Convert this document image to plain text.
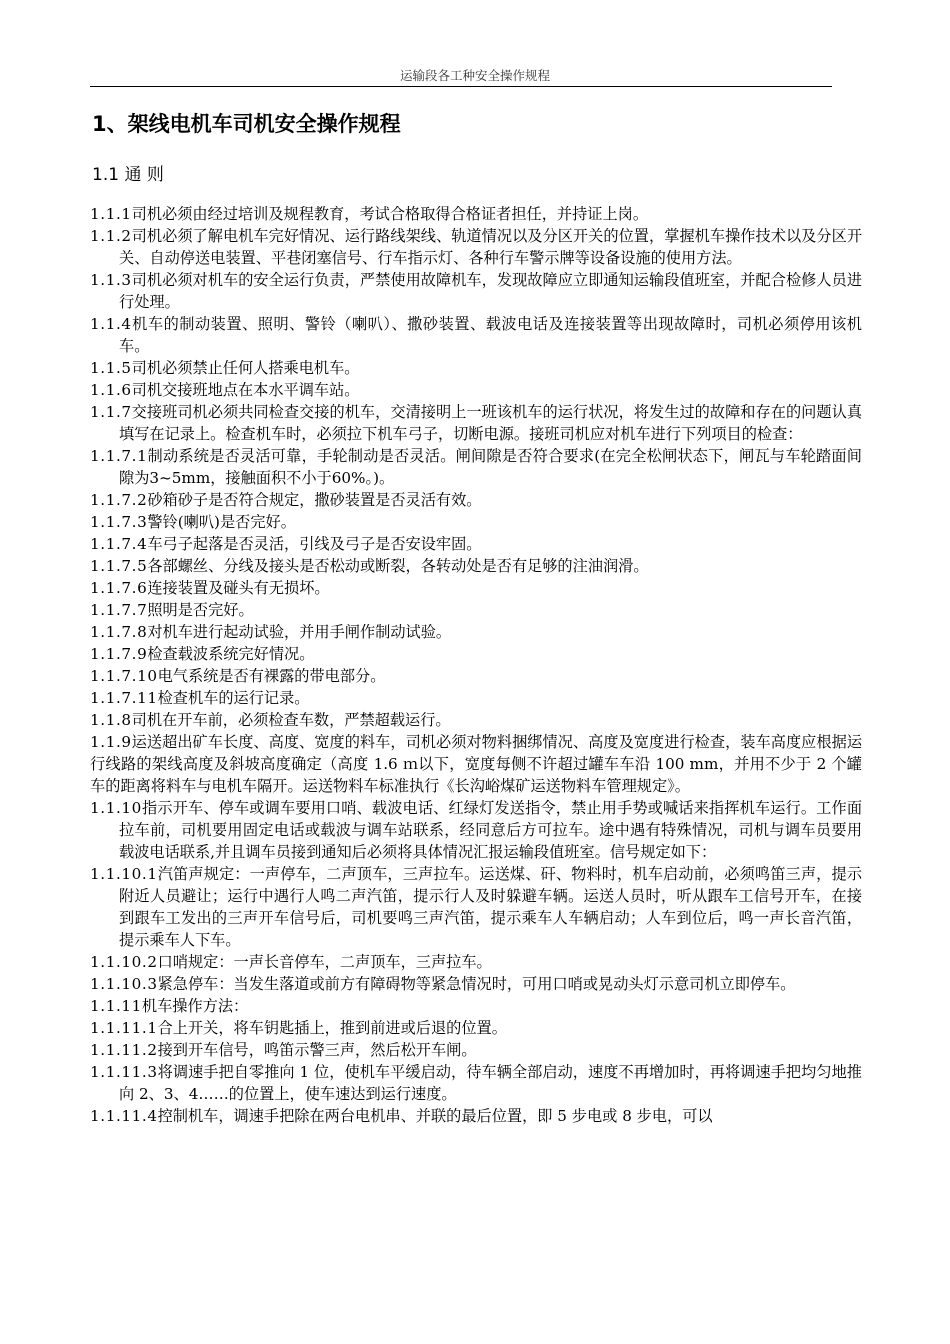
运输段各工种安全操作规程
1、架线电机车司机安全操作规程
1.1 通 则

1.1.1司机必须由经过培训及规程教育，考试合格取得合格证者担任，并持证上岗。

1.1.2司机必须了解电机车完好情况、运行路线架线、轨道情况以及分区开关的位置，掌握机车操作技术以及分区开关、自动停送电装置、平巷闭塞信号、行车指示灯、各种行车警示牌等设备设施的使用方法。

1.1.3司机必须对机车的安全运行负责，严禁使用故障机车，发现故障应立即通知运输段值班室，并配合检修人员进行处理。

1.1.4机车的制动装置、照明、警铃（喇叭）、撒砂装置、载波电话及连接装置等出现故障时，司机必须停用该机车。

1.1.5司机必须禁止任何人搭乘电机车。

1.1.6司机交接班地点在本水平调车站。

1.1.7交接班司机必须共同检查交接的机车，交清接明上一班该机车的运行状况，将发生过的故障和存在的问题认真填写在记录上。检查机车时，必须拉下机车弓子，切断电源。接班司机应对机车进行下列项目的检查：

1.1.7.1制动系统是否灵活可靠，手轮制动是否灵活。闸间隙是否符合要求(在完全松闸状态下，闸瓦与车轮踏面间隙为3~5mm，接触面积不小于60%。)。

1.1.7.2砂箱砂子是否符合规定，撒砂装置是否灵活有效。

1.1.7.3警铃(喇叭)是否完好。

1.1.7.4车弓子起落是否灵活，引线及弓子是否安设牢固。

1.1.7.5各部螺丝、分线及接头是否松动或断裂，各转动处是否有足够的注油润滑。

1.1.7.6连接装置及碰头有无损坏。

1.1.7.7照明是否完好。

1.1.7.8对机车进行起动试验，并用手闸作制动试验。

1.1.7.9检查载波系统完好情况。

1.1.7.10电气系统是否有裸露的带电部分。

1.1.7.11检查机车的运行记录。

1.1.8司机在开车前，必须检查车数，严禁超载运行。

1.1.9运送超出矿车长度、高度、宽度的料车，司机必须对物料捆绑情况、高度及宽度进行检查，装车高度应根据运行线路的架线高度及斜坡高度确定（高度 1.6 ｍ以下，宽度每侧不许超过罐车车沿 100 mm，并用不少于 2 个罐车的距离将料车与电机车隔开。运送物料车标准执行《长沟峪煤矿运送物料车管理规定》。

1.1.10指示开车、停车或调车要用口哨、载波电话、红绿灯发送指令，禁止用手势或喊话来指挥机车运行。工作面拉车前，司机要用固定电话或载波与调车站联系，经同意后方可拉车。途中遇有特殊情况，司机与调车员要用载波电话联系,并且调车员接到通知后必须将具体情况汇报运输段值班室。信号规定如下：

1.1.10.1汽笛声规定：一声停车，二声顶车，三声拉车。运送煤、矸、物料时，机车启动前，必须鸣笛三声，提示附近人员避让；运行中遇行人鸣二声汽笛，提示行人及时躲避车辆。运送人员时，听从跟车工信号开车，在接到跟车工发出的三声开车信号后，司机要鸣三声汽笛，提示乘车人车辆启动；人车到位后，鸣一声长音汽笛，提示乘车人下车。

1.1.10.2口哨规定：一声长音停车，二声顶车，三声拉车。

1.1.10.3紧急停车：当发生落道或前方有障碍物等紧急情况时，可用口哨或晃动头灯示意司机立即停车。

1.1.11机车操作方法：

1.1.11.1合上开关，将车钥匙插上，推到前进或后退的位置。

1.1.11.2接到开车信号，鸣笛示警三声，然后松开车闸。

1.1.11.3将调速手把自零推向 1 位，使机车平缓启动，待车辆全部启动，速度不再增加时，再将调速手把均匀地推向 2、3、4……的位置上，使车速达到运行速度。

1.1.11.4控制机车，调速手把除在两台电机串、并联的最后位置，即 5 步电或 8 步电，可以
